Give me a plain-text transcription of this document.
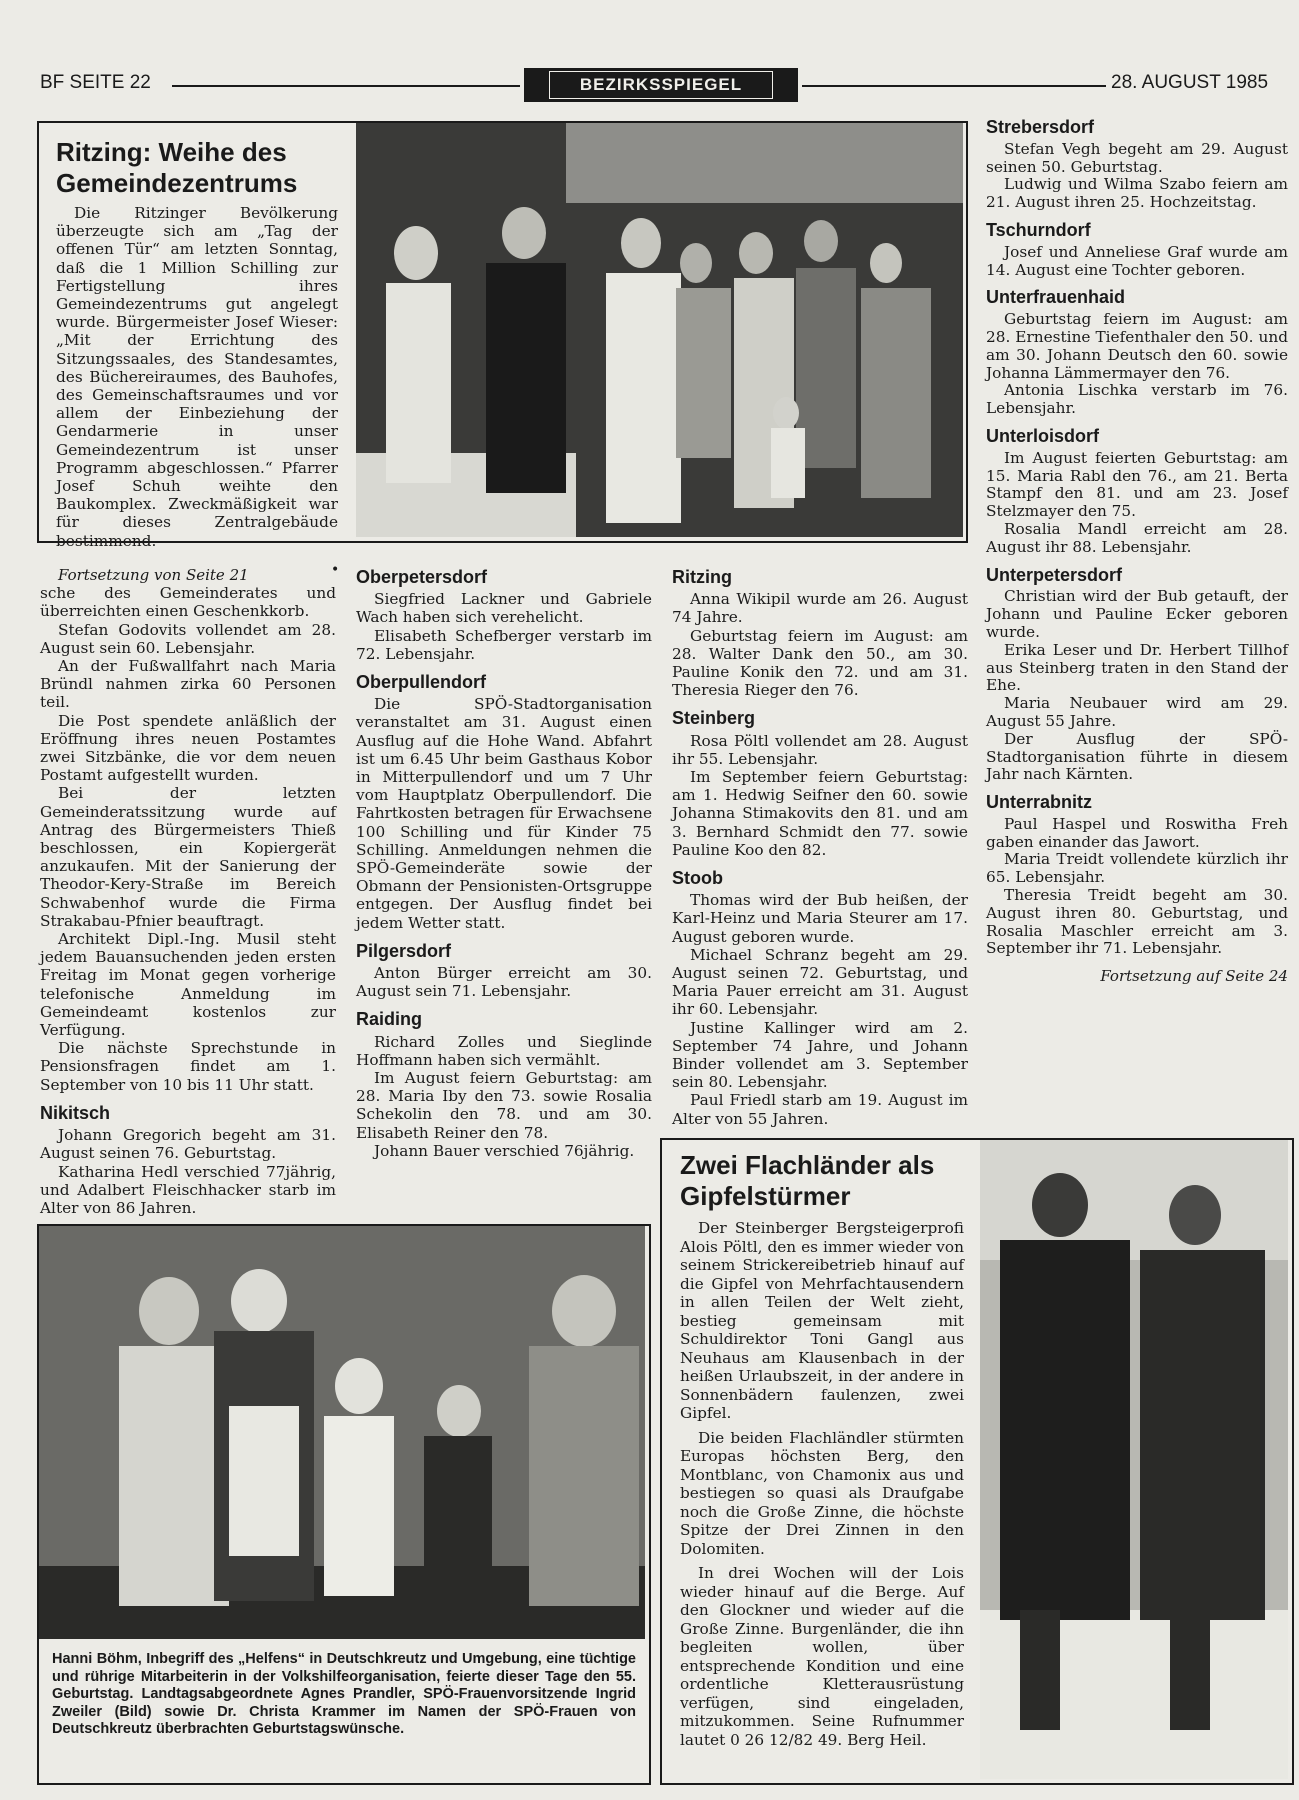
BF SEITE 22	BEZIRKSSPIEGEL	28. AUGUST 1985
Ritzing: Weihe des Gemeindezentrums

Die Ritzinger Bevölkerung überzeugte sich am „Tag der offenen Tür“ am letzten Sonntag, daß die 1 Million Schilling zur Fertigstellung ihres Gemeindezentrums gut angelegt wurde. Bürgermeister Josef Wieser: „Mit der Errichtung des Sitzungssaales, des Standesamtes, des Büchereiraumes, des Bauhofes, des Gemeinschaftsraumes und vor allem der Einbeziehung der Gendarmerie in unser Gemeindezentrum ist unser Programm abgeschlossen.“ Pfarrer Josef Schuh weihte den Baukomplex. Zweckmäßigkeit war für dieses Zentralgebäude bestimmend.

Fortsetzung von Seite 21

sche des Gemeinderates und überreichten einen Geschenkkorb.

Stefan Godovits vollendet am 28. August sein 60. Lebensjahr.

An der Fußwallfahrt nach Maria Bründl nahmen zirka 60 Personen teil.

Die Post spendete anläßlich der Eröffnung ihres neuen Postamtes zwei Sitzbänke, die vor dem neuen Postamt aufgestellt wurden.

Bei der letzten Gemeinderatssitzung wurde auf Antrag des Bürgermeisters Thieß beschlossen, ein Kopiergerät anzukaufen. Mit der Sanierung der Theodor-Kery-Straße im Bereich Schwabenhof wurde die Firma Strakabau-Pfnier beauftragt.

Architekt Dipl.-Ing. Musil steht jedem Bauansuchenden jeden ersten Freitag im Monat gegen vorherige telefonische Anmeldung im Gemeindeamt kostenlos zur Verfügung.

Die nächste Sprechstunde in Pensionsfragen findet am 1. September von 10 bis 11 Uhr statt.

Nikitsch

Johann Gregorich begeht am 31. August seinen 76. Geburtstag.

Katharina Hedl verschied 77jährig, und Adalbert Fleischhacker starb im Alter von 86 Jahren.

• Oberpetersdorf

Siegfried Lackner und Gabriele Wach haben sich verehelicht.

Elisabeth Schefberger verstarb im 72. Lebensjahr.

Oberpullendorf

Die SPÖ-Stadtorganisation veranstaltet am 31. August einen Ausflug auf die Hohe Wand. Abfahrt ist um 6.45 Uhr beim Gasthaus Kobor in Mitterpullendorf und um 7 Uhr vom Hauptplatz Oberpullendorf. Die Fahrtkosten betragen für Erwachsene 100 Schilling und für Kinder 75 Schilling. Anmeldungen nehmen die SPÖ-Gemeinderäte sowie der Obmann der Pensionisten-Ortsgruppe entgegen. Der Ausflug findet bei jedem Wetter statt.

Pilgersdorf

Anton Bürger erreicht am 30. August sein 71. Lebensjahr.

Raiding

Richard Zolles und Sieglinde Hoffmann haben sich vermählt.

Im August feiern Geburtstag: am 28. Maria Iby den 73. sowie Rosalia Schekolin den 78. und am 30. Elisabeth Reiner den 78.

Johann Bauer verschied 76jährig.

Ritzing

Anna Wikipil wurde am 26. August 74 Jahre.

Geburtstag feiern im August: am 28. Walter Dank den 50., am 30. Pauline Konik den 72. und am 31. Theresia Rieger den 76.

Steinberg

Rosa Pöltl vollendet am 28. August ihr 55. Lebensjahr.

Im September feiern Geburtstag: am 1. Hedwig Seifner den 60. sowie Johanna Stimakovits den 81. und am 3. Bernhard Schmidt den 77. sowie Pauline Koo den 82.

Stoob

Thomas wird der Bub heißen, der Karl-Heinz und Maria Steurer am 17. August geboren wurde.

Michael Schranz begeht am 29. August seinen 72. Geburtstag, und Maria Pauer erreicht am 31. August ihr 60. Lebensjahr.

Justine Kallinger wird am 2. September 74 Jahre, und Johann Binder vollendet am 3. September sein 80. Lebensjahr.

Paul Friedl starb am 19. August im Alter von 55 Jahren.

Strebersdorf

Stefan Vegh begeht am 29. August seinen 50. Geburtstag.

Ludwig und Wilma Szabo feiern am 21. August ihren 25. Hochzeitstag.

Tschurndorf

Josef und Anneliese Graf wurde am 14. August eine Tochter geboren.

Unterfrauenhaid

Geburtstag feiern im August: am 28. Ernestine Tiefenthaler den 50. und am 30. Johann Deutsch den 60. sowie Johanna Lämmermayer den 76.

Antonia Lischka verstarb im 76. Lebensjahr.

Unterloisdorf

Im August feierten Geburtstag: am 15. Maria Rabl den 76., am 21. Berta Stampf den 81. und am 23. Josef Stelzmayer den 75.

Rosalia Mandl erreicht am 28. August ihr 88. Lebensjahr.

Unterpetersdorf

Christian wird der Bub getauft, der Johann und Pauline Ecker geboren wurde.

Erika Leser und Dr. Herbert Tillhof aus Steinberg traten in den Stand der Ehe.

Maria Neubauer wird am 29. August 55 Jahre.

Der Ausflug der SPÖ-Stadtorganisation führte in diesem Jahr nach Kärnten.

Unterrabnitz

Paul Haspel und Roswitha Freh gaben einander das Jawort.

Maria Treidt vollendete kürzlich ihr 65. Lebensjahr.

Theresia Treidt begeht am 30. August ihren 80. Geburtstag, und Rosalia Maschler erreicht am 3. September ihr 71. Lebensjahr.

Fortsetzung auf Seite 24

Hanni Böhm, Inbegriff des „Helfens“ in Deutschkreutz und Umgebung, eine tüchtige und rührige Mitarbeiterin in der Volkshilfeorganisation, feierte dieser Tage den 55. Geburtstag. Landtagsabgeordnete Agnes Prandler, SPÖ-Frauenvorsitzende Ingrid Zweiler (Bild) sowie Dr. Christa Krammer im Namen der SPÖ-Frauen von Deutschkreutz überbrachten Geburtstagswünsche.
Zwei Flachländer als Gipfelstürmer

Der Steinberger Bergsteigerprofi Alois Pöltl, den es immer wieder von seinem Strickereibetrieb hinauf auf die Gipfel von Mehrfachtausendern in allen Teilen der Welt zieht, bestieg gemeinsam mit Schuldirektor Toni Gangl aus Neuhaus am Klausenbach in der heißen Urlaubszeit, in der andere in Sonnenbädern faulenzen, zwei Gipfel.

Die beiden Flachländler stürmten Europas höchsten Berg, den Montblanc, von Chamonix aus und bestiegen so quasi als Draufgabe noch die Große Zinne, die höchste Spitze der Drei Zinnen in den Dolomiten.

In drei Wochen will der Lois wieder hinauf auf die Berge. Auf den Glockner und wieder auf die Große Zinne. Burgenländer, die ihn begleiten wollen, über entsprechende Kondition und eine ordentliche Kletterausrüstung verfügen, sind eingeladen, mitzukommen. Seine Rufnummer lautet 0 26 12/82 49. Berg Heil.
